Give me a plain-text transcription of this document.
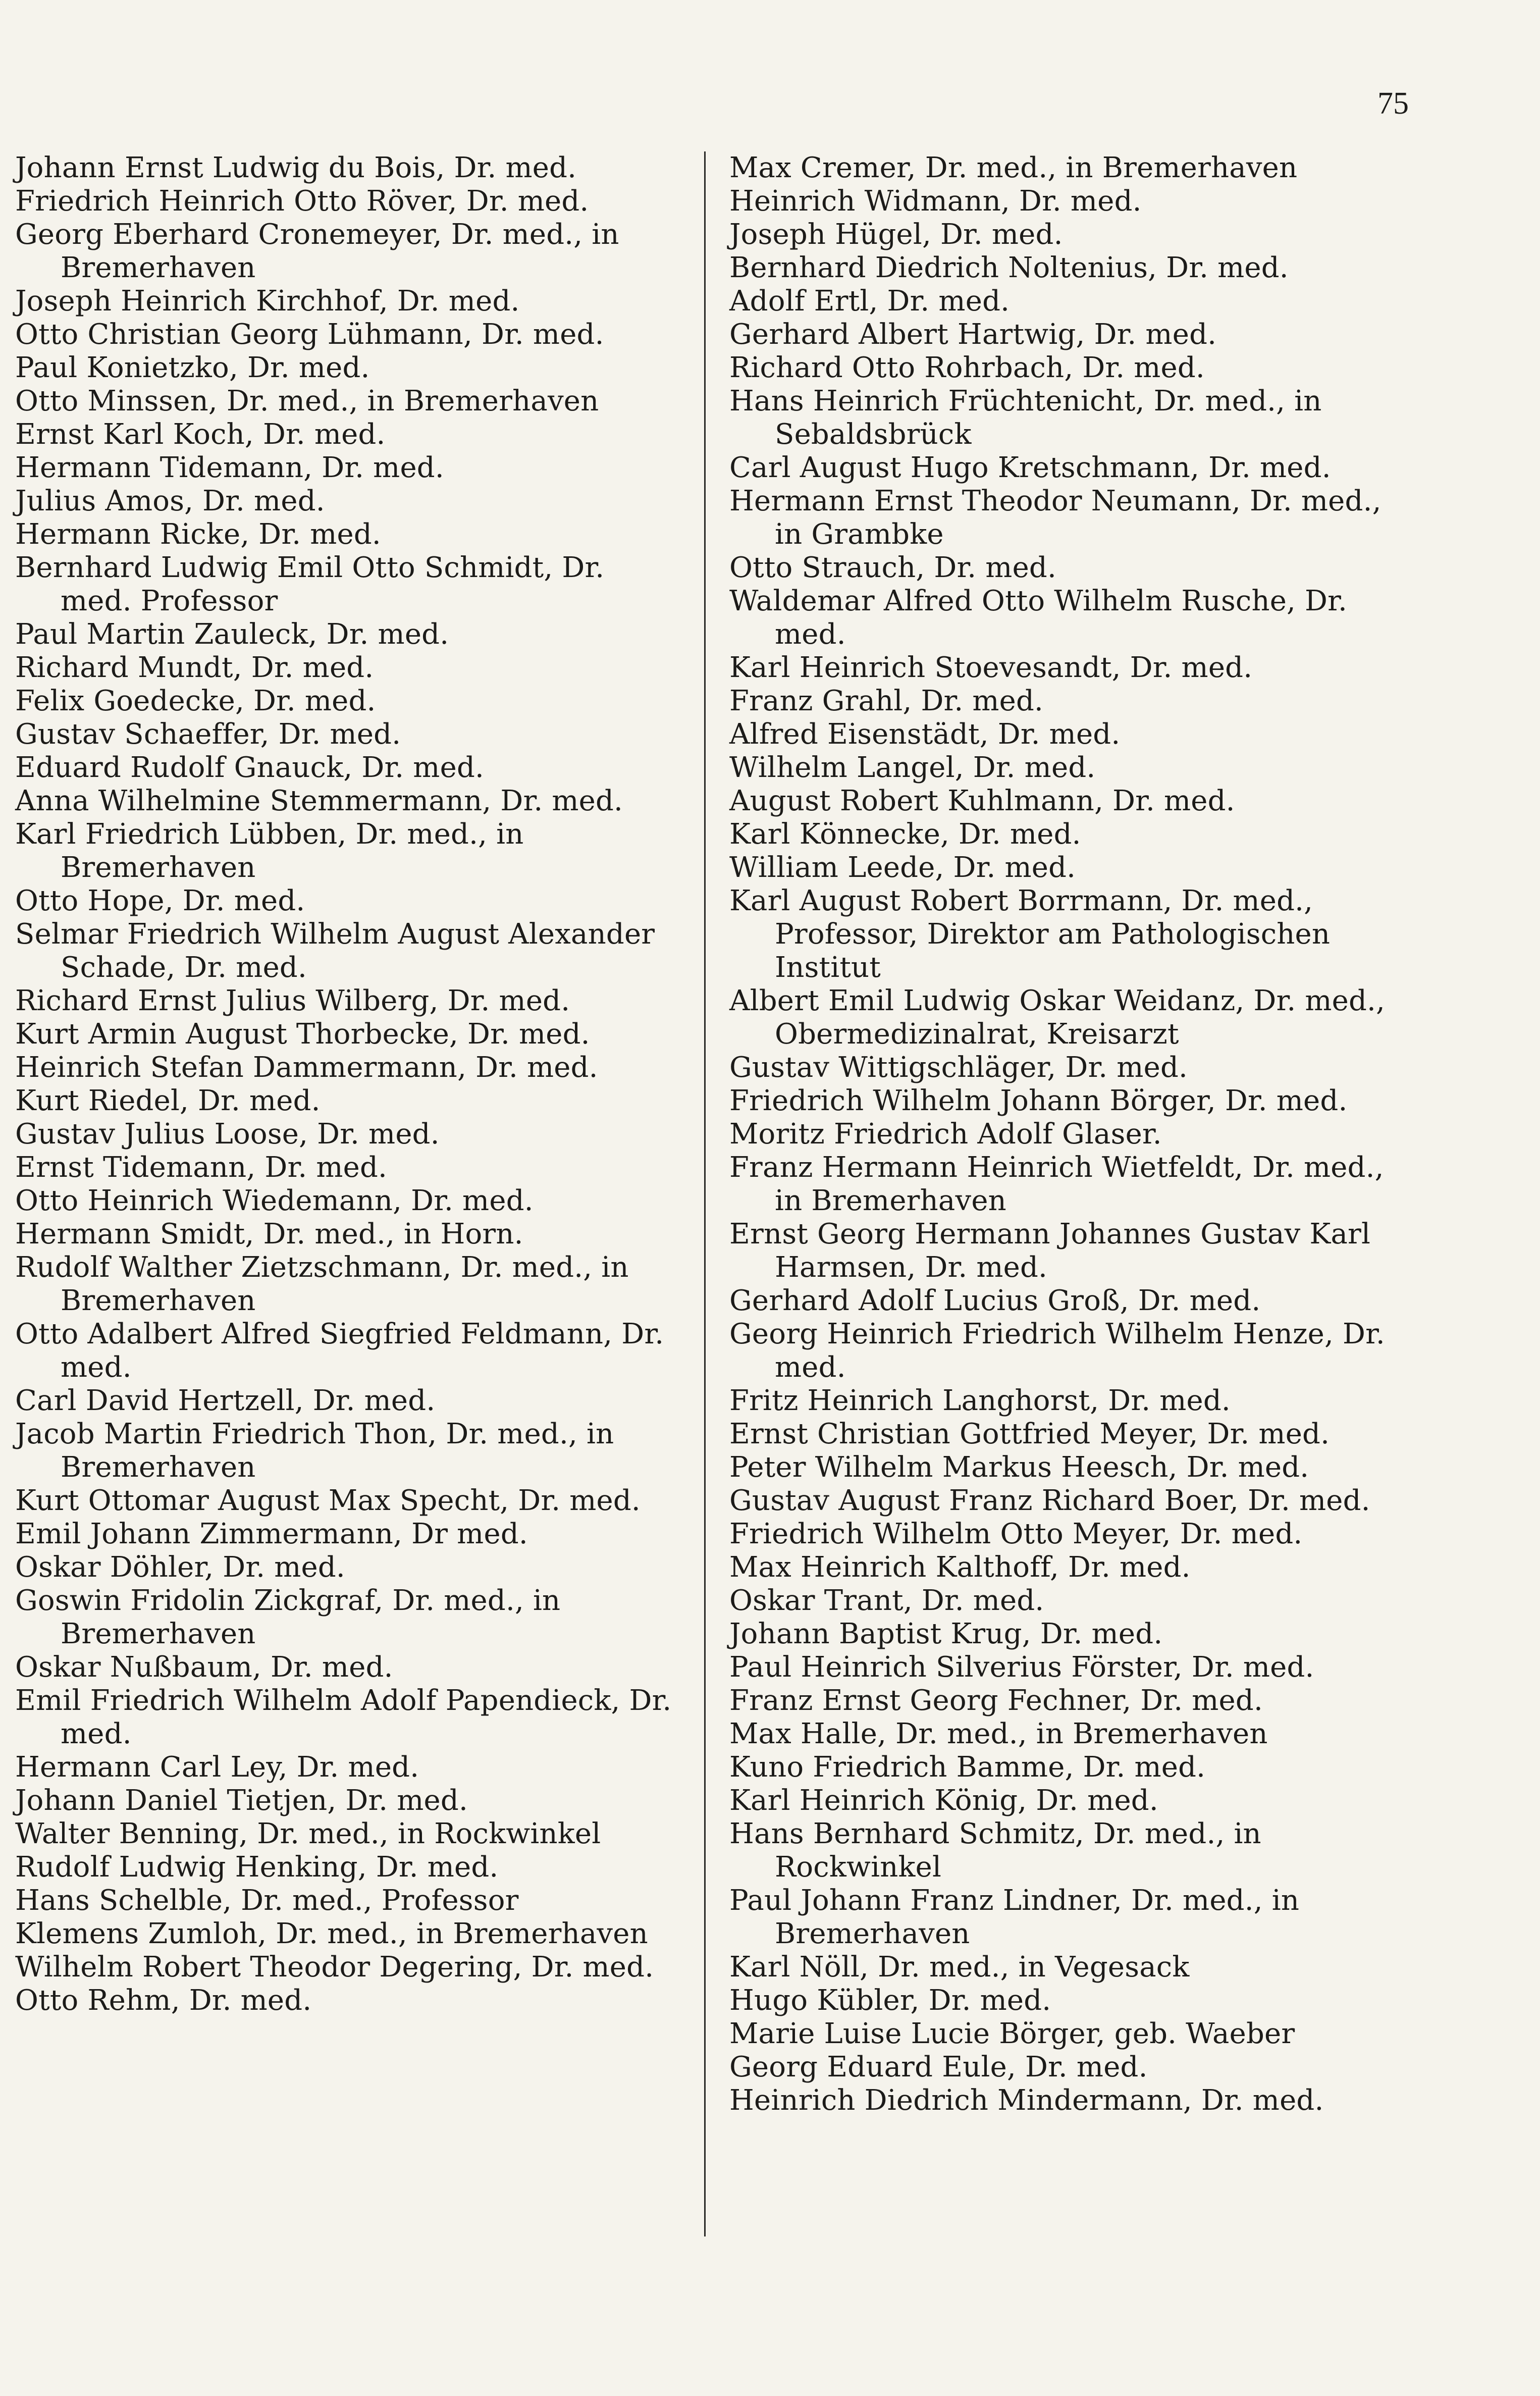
75
Johann Ernst Ludwig du Bois, Dr. med.
Friedrich Heinrich Otto Röver, Dr. med.
Georg Eberhard Cronemeyer, Dr. med., in Bremerhaven
Joseph Heinrich Kirchhof, Dr. med.
Otto Christian Georg Lühmann, Dr. med.
Paul Konietzko, Dr. med.
Otto Minssen, Dr. med., in Bremerhaven
Ernst Karl Koch, Dr. med.
Hermann Tidemann, Dr. med.
Julius Amos, Dr. med.
Hermann Ricke, Dr. med.
Bernhard Ludwig Emil Otto Schmidt, Dr. med. Professor
Paul Martin Zauleck, Dr. med.
Richard Mundt, Dr. med.
Felix Goedecke, Dr. med.
Gustav Schaeffer, Dr. med.
Eduard Rudolf Gnauck, Dr. med.
Anna Wilhelmine Stemmermann, Dr. med.
Karl Friedrich Lübben, Dr. med., in Bremerhaven
Otto Hope, Dr. med.
Selmar Friedrich Wilhelm August Alexander Schade, Dr. med.
Richard Ernst Julius Wilberg, Dr. med.
Kurt Armin August Thorbecke, Dr. med.
Heinrich Stefan Dammermann, Dr. med.
Kurt Riedel, Dr. med.
Gustav Julius Loose, Dr. med.
Ernst Tidemann, Dr. med.
Otto Heinrich Wiedemann, Dr. med.
Hermann Smidt, Dr. med., in Horn.
Rudolf Walther Zietzschmann, Dr. med., in Bremerhaven
Otto Adalbert Alfred Siegfried Feldmann, Dr. med.
Carl David Hertzell, Dr. med.
Jacob Martin Friedrich Thon, Dr. med., in Bremerhaven
Kurt Ottomar August Max Specht, Dr. med.
Emil Johann Zimmermann, Dr med.
Oskar Döhler, Dr. med.
Goswin Fridolin Zickgraf, Dr. med., in Bremerhaven
Oskar Nußbaum, Dr. med.
Emil Friedrich Wilhelm Adolf Papendieck, Dr. med.
Hermann Carl Ley, Dr. med.
Johann Daniel Tietjen, Dr. med.
Walter Benning, Dr. med., in Rockwinkel
Rudolf Ludwig Henking, Dr. med.
Hans Schelble, Dr. med., Professor
Klemens Zumloh, Dr. med., in Bremerhaven
Wilhelm Robert Theodor Degering, Dr. med.
Otto Rehm, Dr. med.
Max Cremer, Dr. med., in Bremerhaven
Heinrich Widmann, Dr. med.
Joseph Hügel, Dr. med.
Bernhard Diedrich Noltenius, Dr. med.
Adolf Ertl, Dr. med.
Gerhard Albert Hartwig, Dr. med.
Richard Otto Rohrbach, Dr. med.
Hans Heinrich Früchtenicht, Dr. med., in Sebaldsbrück
Carl August Hugo Kretschmann, Dr. med.
Hermann Ernst Theodor Neumann, Dr. med., in Grambke
Otto Strauch, Dr. med.
Waldemar Alfred Otto Wilhelm Rusche, Dr. med.
Karl Heinrich Stoevesandt, Dr. med.
Franz Grahl, Dr. med.
Alfred Eisenstädt, Dr. med.
Wilhelm Langel, Dr. med.
August Robert Kuhlmann, Dr. med.
Karl Könnecke, Dr. med.
William Leede, Dr. med.
Karl August Robert Borrmann, Dr. med., Professor, Direktor am Pathologischen Institut
Albert Emil Ludwig Oskar Weidanz, Dr. med., Obermedizinalrat, Kreisarzt
Gustav Wittigschläger, Dr. med.
Friedrich Wilhelm Johann Börger, Dr. med.
Moritz Friedrich Adolf Glaser.
Franz Hermann Heinrich Wietfeldt, Dr. med., in Bremerhaven
Ernst Georg Hermann Johannes Gustav Karl Harmsen, Dr. med.
Gerhard Adolf Lucius Groß, Dr. med.
Georg Heinrich Friedrich Wilhelm Henze, Dr. med.
Fritz Heinrich Langhorst, Dr. med.
Ernst Christian Gottfried Meyer, Dr. med.
Peter Wilhelm Markus Heesch, Dr. med.
Gustav August Franz Richard Boer, Dr. med.
Friedrich Wilhelm Otto Meyer, Dr. med.
Max Heinrich Kalthoff, Dr. med.
Oskar Trant, Dr. med.
Johann Baptist Krug, Dr. med.
Paul Heinrich Silverius Förster, Dr. med.
Franz Ernst Georg Fechner, Dr. med.
Max Halle, Dr. med., in Bremerhaven
Kuno Friedrich Bamme, Dr. med.
Karl Heinrich König, Dr. med.
Hans Bernhard Schmitz, Dr. med., in Rockwinkel
Paul Johann Franz Lindner, Dr. med., in Bremerhaven
Karl Nöll, Dr. med., in Vegesack
Hugo Kübler, Dr. med.
Marie Luise Lucie Börger, geb. Waeber
Georg Eduard Eule, Dr. med.
Heinrich Diedrich Mindermann, Dr. med.
